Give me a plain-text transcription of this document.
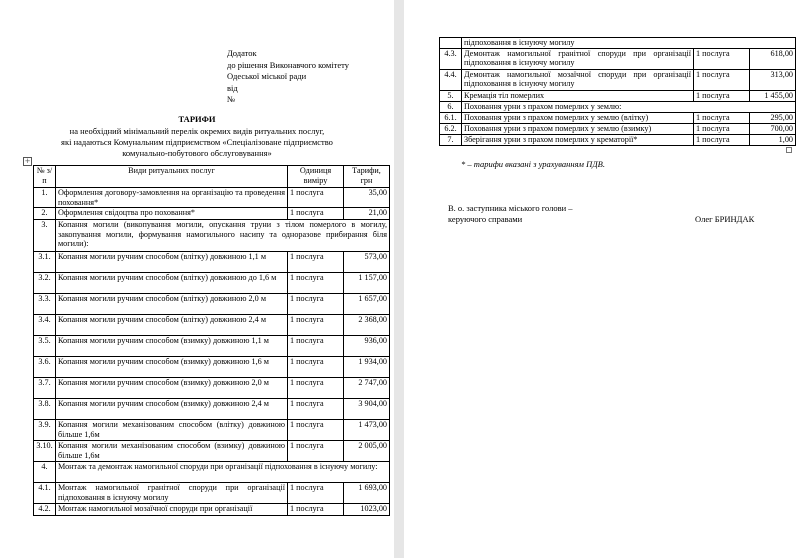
Додаток
до рішення Виконавчого комітету
Одеської міської ради
від
№
ТАРИФИ
на необхідний мінімальний перелік окремих видів ритуальних послуг,
які надаються Комунальним підприємством «Спеціалізоване підприємство
комунально-побутового обслуговування»
+
№ з/п	Види ритуальних послуг	Одиниця виміру	Тарифи, грн
1.	Оформлення договору-замовлення на організацію та проведення поховання*	1 послуга	35,00
2.	Оформлення свідоцтва про поховання*	1 послуга	21,00
3.	Копання могили (викопування могили, опускання труни з тілом померлого в могилу, закопування могили, формування намогильного насипу та одноразове прибирання біля могили):		
3.1.	Копання могили ручним способом (влітку) довжиною 1,1 м	1 послуга	573,00
3.2.	Копання могили ручним способом (влітку) довжиною до 1,6 м	1 послуга	1 157,00
3.3.	Копання могили ручним способом (влітку) довжиною 2,0 м	1 послуга	1 657,00
3.4.	Копання могили ручним способом (влітку) довжиною 2,4 м	1 послуга	2 368,00
3.5.	Копання могили ручним способом (взимку) довжиною 1,1 м	1 послуга	936,00
3.6.	Копання могили ручним способом (взимку) довжиною 1,6 м	1 послуга	1 934,00
3.7.	Копання могили ручним способом (взимку) довжиною 2,0 м	1 послуга	2 747,00
3.8.	Копання могили ручним способом (взимку) довжиною 2,4 м	1 послуга	3 904,00
3.9.	Копання могили механізованим способом (влітку) довжиною більше 1,6м	1 послуга	1 473,00
3.10.	Копання могили механізованим способом (взимку) довжиною більше 1,6м	1 послуга	2 005,00
4.	Монтаж та демонтаж намогильної споруди при організації підпоховання в існуючу могилу:		
4.1.	Монтаж намогильної гранітної споруди при організації підпоховання в існуючу могилу	1 послуга	1 693,00
4.2.	Монтаж намогильної мозаїчної споруди при організації	1 послуга	1023,00
	підпоховання в існуючу могилу		
4.3.	Демонтаж намогильної гранітної споруди при організації підпоховання в існуючу могилу	1 послуга	618,00
4.4.	Демонтаж намогильної мозаїчної споруди при організації підпоховання в існуючу могилу	1 послуга	313,00
5.	Кремація тіл померлих	1 послуга	1 455,00
6.	Поховання урни з прахом померлих у землю:		
6.1.	Поховання урни з прахом померлих у землю (влітку)	1 послуга	295,00
6.2.	Поховання урни з прахом померлих у землю (взимку)	1 послуга	700,00
7.	Зберігання урни з прахом померлих у крематорії*	1 послуга	1,00
* – тарифи вказані з урахуванням ПДВ.
В. о. заступника міського голови –
керуючого справами	Олег БРИНДАК
